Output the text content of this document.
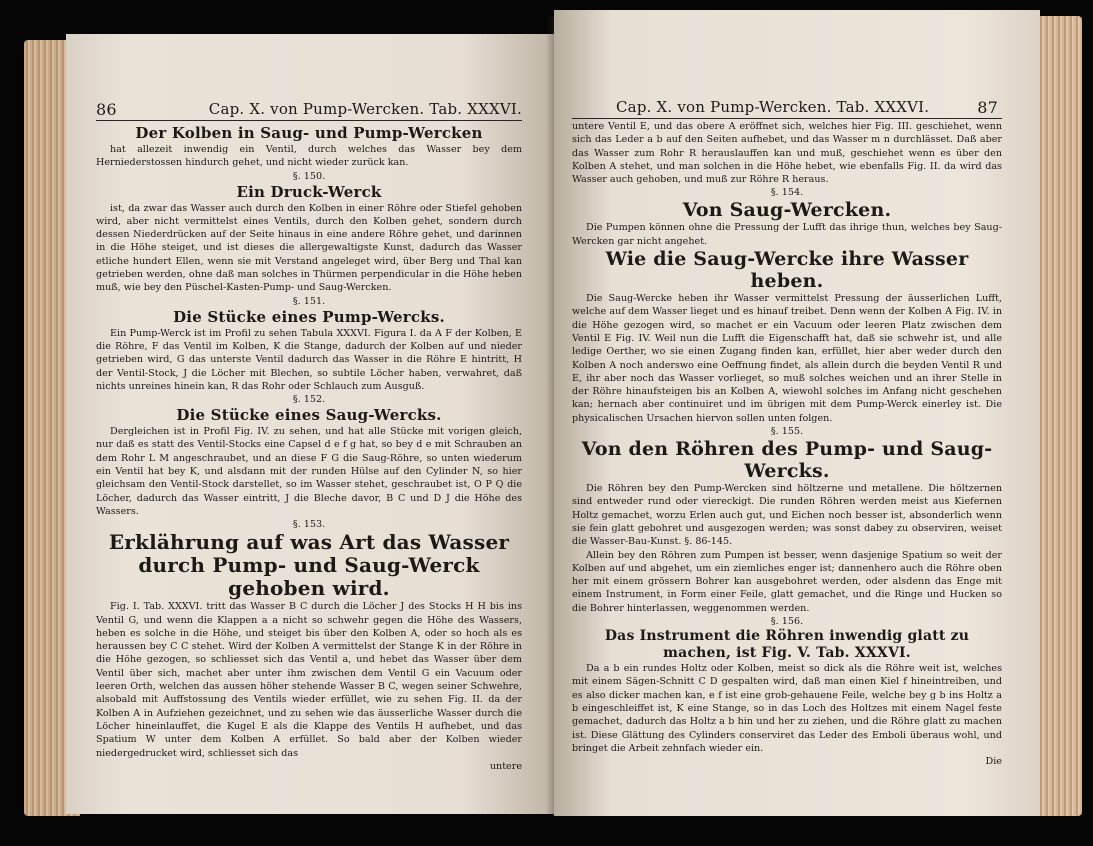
86	Cap. X. von Pump-Wercken. Tab. XXXVI.
Der Kolben in Saug- und Pump-Wercken

hat allezeit inwendig ein Ventil, durch welches das Wasser bey dem Herniederstossen hindurch gehet, und nicht wieder zurück kan.

§. 150.
Ein Druck-Werck

ist, da zwar das Wasser auch durch den Kolben in einer Röhre oder Stiefel gehoben wird, aber nicht vermittelst eines Ventils, durch den Kolben gehet, sondern durch dessen Niederdrücken auf der Seite hinaus in eine andere Röhre gehet, und darinnen in die Höhe steiget, und ist dieses die allergewaltigste Kunst, dadurch das Wasser etliche hundert Ellen, wenn sie mit Verstand angeleget wird, über Berg und Thal kan getrieben werden, ohne daß man solches in Thürmen perpendicular in die Höhe heben muß, wie bey den Püschel-Kasten-Pump- und Saug-Wercken.

§. 151.
Die Stücke eines Pump-Wercks.

Ein Pump-Werck ist im Profil zu sehen Tabula XXXVI. Figura I. da A F der Kolben, E die Röhre, F das Ventil im Kolben, K die Stange, dadurch der Kolben auf und nieder getrieben wird, G das unterste Ventil dadurch das Wasser in die Röhre E hintritt, H der Ventil-Stock, J die Löcher mit Blechen, so subtile Löcher haben, verwahret, daß nichts unreines hinein kan, R das Rohr oder Schlauch zum Ausguß.

§. 152.
Die Stücke eines Saug-Wercks.

Dergleichen ist in Profil Fig. IV. zu sehen, und hat alle Stücke mit vorigen gleich, nur daß es statt des Ventil-Stocks eine Capsel d e f g hat, so bey d e mit Schrauben an dem Rohr L M angeschraubet, und an diese F G die Saug-Röhre, so unten wiederum ein Ventil hat bey K, und alsdann mit der runden Hülse auf den Cylinder N, so hier gleichsam den Ventil-Stock darstellet, so im Wasser stehet, geschraubet ist, O P Q die Löcher, dadurch das Wasser eintritt, J die Bleche davor, B C und D J die Höhe des Wassers.

§. 153.
Erklährung auf was Art das Wasser durch Pump- und Saug-Werck gehoben wird.

Fig. I. Tab. XXXVI. tritt das Wasser B C durch die Löcher J des Stocks H H bis ins Ventil G, und wenn die Klappen a a nicht so schwehr gegen die Höhe des Wassers, heben es solche in die Höhe, und steiget bis über den Kolben A, oder so hoch als es heraussen bey C C stehet. Wird der Kolben A vermittelst der Stange K in der Röhre in die Höhe gezogen, so schliesset sich das Ventil a, und hebet das Wasser über dem Ventil über sich, machet aber unter ihm zwischen dem Ventil G ein Vacuum oder leeren Orth, welchen das aussen höher stehende Wasser B C, wegen seiner Schwehre, alsobald mit Auffstossung des Ventils wieder erfüllet, wie zu sehen Fig. II. da der Kolben A in Aufziehen gezeichnet, und zu sehen wie das äusserliche Wasser durch die Löcher hineinlauffet, die Kugel E als die Klappe des Ventils H aufhebet, und das Spatium W unter dem Kolben A erfüllet. So bald aber der Kolben wieder niedergedrucket wird, schliesset sich das

untere
Cap. X. von Pump-Wercken. Tab. XXXVI.	87

untere Ventil E, und das obere A eröffnet sich, welches hier Fig. III. geschiehet, wenn sich das Leder a b auf den Seiten aufhebet, und das Wasser m n durchlässet. Daß aber das Wasser zum Rohr R herauslauffen kan und muß, geschiehet wenn es über den Kolben A stehet, und man solchen in die Höhe hebet, wie ebenfalls Fig. II. da wird das Wasser auch gehoben, und muß zur Röhre R heraus.

§. 154.
Von Saug-Wercken.

Die Pumpen können ohne die Pressung der Lufft das ihrige thun, welches bey Saug-Wercken gar nicht angehet.

Wie die Saug-Wercke ihre Wasser heben.

Die Saug-Wercke heben ihr Wasser vermittelst Pressung der äusserlichen Lufft, welche auf dem Wasser lieget und es hinauf treibet. Denn wenn der Kolben A Fig. IV. in die Höhe gezogen wird, so machet er ein Vacuum oder leeren Platz zwischen dem Ventil E Fig. IV. Weil nun die Lufft die Eigenschafft hat, daß sie schwehr ist, und alle ledige Oerther, wo sie einen Zugang finden kan, erfüllet, hier aber weder durch den Kolben A noch anderswo eine Oeffnung findet, als allein durch die beyden Ventil R und E, ihr aber noch das Wasser vorlieget, so muß solches weichen und an ihrer Stelle in der Röhre hinaufsteigen bis an Kolben A, wiewohl solches im Anfang nicht geschehen kan; hernach aber continuiret und im übrigen mit dem Pump-Werck einerley ist. Die physicalischen Ursachen hiervon sollen unten folgen.

§. 155.
Von den Röhren des Pump- und Saug-Wercks.

Die Röhren bey den Pump-Wercken sind höltzerne und metallene. Die höltzernen sind entweder rund oder viereckigt. Die runden Röhren werden meist aus Kiefernen Holtz gemachet, worzu Erlen auch gut, und Eichen noch besser ist, absonderlich wenn sie fein glatt gebohret und ausgezogen werden; was sonst dabey zu observiren, weiset die Wasser-Bau-Kunst. §. 86-145.

Allein bey den Röhren zum Pumpen ist besser, wenn dasjenige Spatium so weit der Kolben auf und abgehet, um ein ziemliches enger ist; dannenhero auch die Röhre oben her mit einem grössern Bohrer kan ausgebohret werden, oder alsdenn das Enge mit einem Instrument, in Form einer Feile, glatt gemachet, und die Ringe und Hucken so die Bohrer hinterlassen, weggenommen werden.

§. 156.
Das Instrument die Röhren inwendig glatt zu machen, ist Fig. V. Tab. XXXVI.

Da a b ein rundes Holtz oder Kolben, meist so dick als die Röhre weit ist, welches mit einem Sägen-Schnitt C D gespalten wird, daß man einen Kiel f hineintreiben, und es also dicker machen kan, e f ist eine grob-gehauene Feile, welche bey g b ins Holtz a b eingeschleiffet ist, K eine Stange, so in das Loch des Holtzes mit einem Nagel feste gemachet, dadurch das Holtz a b hin und her zu ziehen, und die Röhre glatt zu machen ist. Diese Glättung des Cylinders conserviret das Leder des Emboli überaus wohl, und bringet die Arbeit zehnfach wieder ein.

Die
